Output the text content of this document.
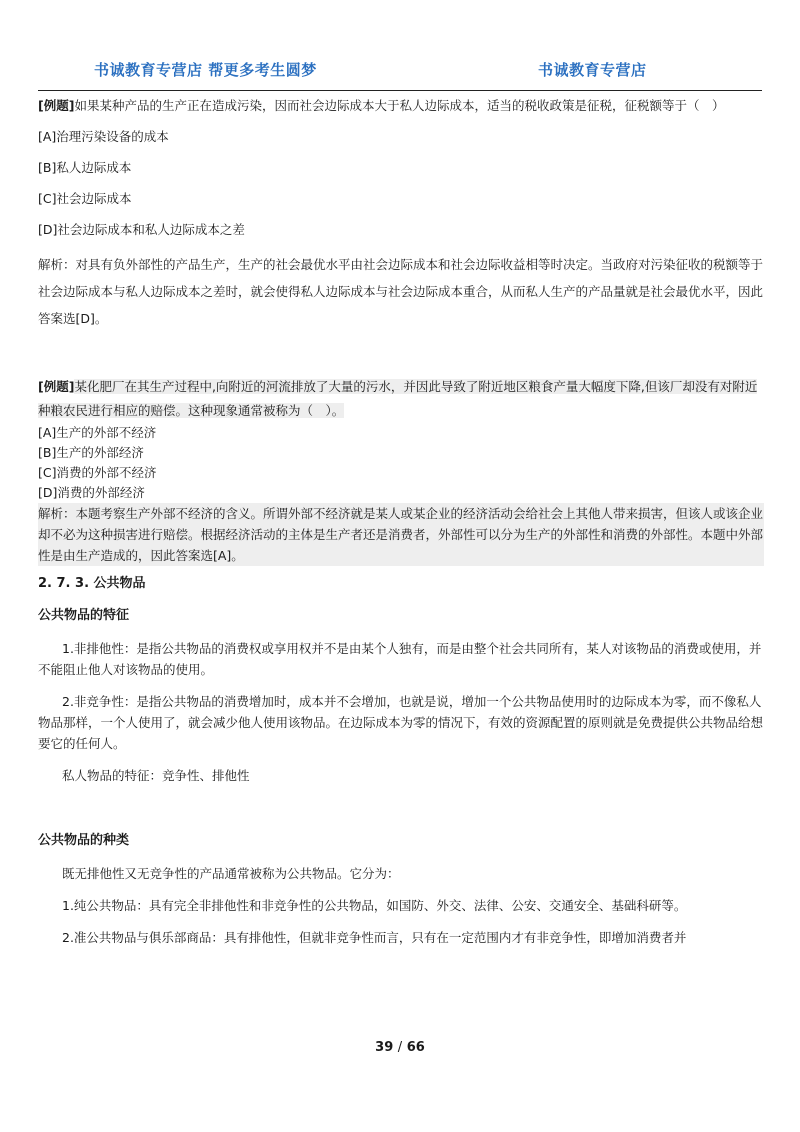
书诚教育专营店 帮更多考生圆梦	书诚教育专营店

[例题]如果某种产品的生产正在造成污染，因而社会边际成本大于私人边际成本，适当的税收政策是征税，征税额等于（　）

[A]治理污染设备的成本

[B]私人边际成本

[C]社会边际成本

[D]社会边际成本和私人边际成本之差

解析：对具有负外部性的产品生产，生产的社会最优水平由社会边际成本和社会边际收益相等时决定。当政府对污染征收的税额等于社会边际成本与私人边际成本之差时，就会使得私人边际成本与社会边际成本重合，从而私人生产的产品量就是社会最优水平，因此答案选[D]。

[例题]某化肥厂在其生产过程中,向附近的河流排放了大量的污水，并因此导致了附近地区粮食产量大幅度下降,但该厂却没有对附近种粮农民进行相应的赔偿。这种现象通常被称为（　）。

[A]生产的外部不经济

[B]生产的外部经济

[C]消费的外部不经济

[D]消费的外部经济

解析：本题考察生产外部不经济的含义。所谓外部不经济就是某人或某企业的经济活动会给社会上其他人带来损害，但该人或该企业却不必为这种损害进行赔偿。根据经济活动的主体是生产者还是消费者，外部性可以分为生产的外部性和消费的外部性。本题中外部性是由生产造成的，因此答案选[A]。

2. 7. 3. 公共物品
公共物品的特征

1.非排他性：是指公共物品的消费权或享用权并不是由某个人独有，而是由整个社会共同所有，某人对该物品的消费或使用，并不能阻止他人对该物品的使用。

2.非竞争性：是指公共物品的消费增加时，成本并不会增加，也就是说，增加一个公共物品使用时的边际成本为零，而不像私人物品那样，一个人使用了，就会减少他人使用该物品。在边际成本为零的情况下，有效的资源配置的原则就是免费提供公共物品给想要它的任何人。

私人物品的特征：竞争性、排他性

公共物品的种类

既无排他性又无竞争性的产品通常被称为公共物品。它分为：

1.纯公共物品：具有完全非排他性和非竞争性的公共物品，如国防、外交、法律、公安、交通安全、基础科研等。

2.准公共物品与俱乐部商品：具有排他性，但就非竞争性而言，只有在一定范围内才有非竞争性，即增加消费者并

39 / 66
